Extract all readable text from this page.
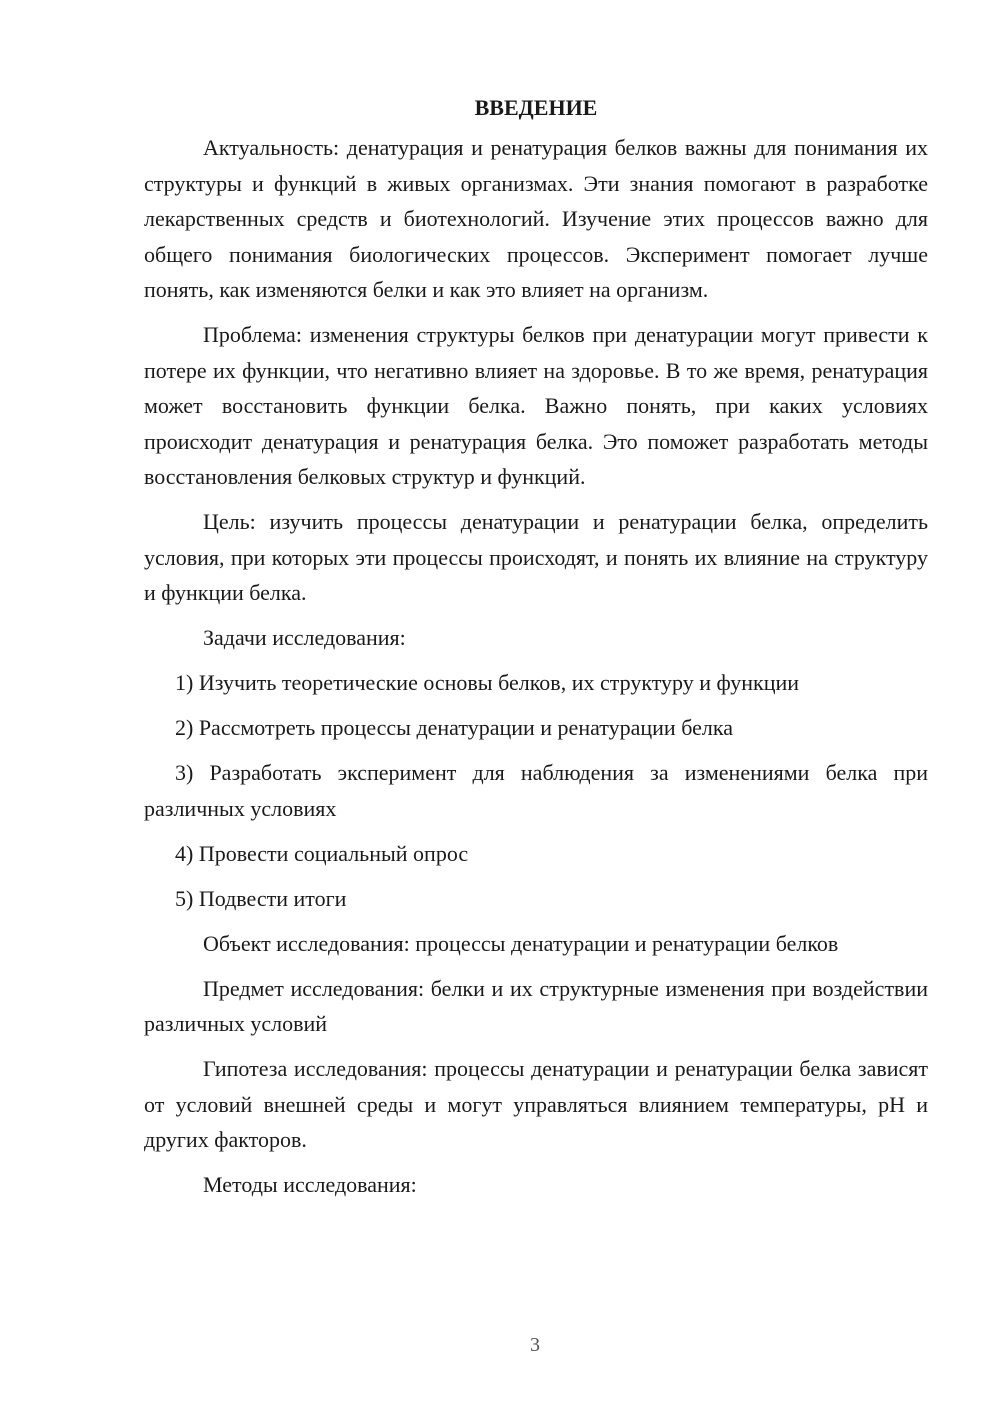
ВВЕДЕНИЕ

Актуальность: денатурация и ренатурация белков важны для понимания их структуры и функций в живых организмах. Эти знания помогают в разработке лекарственных средств и биотехнологий. Изучение этих процессов важно для общего понимания биологических процессов. Эксперимент помогает лучше понять, как изменяются белки и как это влияет на организм.

Проблема: изменения структуры белков при денатурации могут привести к потере их функции, что негативно влияет на здоровье. В то же время, ренатурация может восстановить функции белка. Важно понять, при каких условиях происходит денатурация и ренатурация белка. Это поможет разработать методы восстановления белковых структур и функций.

Цель: изучить процессы денатурации и ренатурации белка, определить условия, при которых эти процессы происходят, и понять их влияние на структуру и функции белка.

Задачи исследования:

1) Изучить теоретические основы белков, их структуру и функции

2) Рассмотреть процессы денатурации и ренатурации белка

3) Разработать эксперимент для наблюдения за изменениями белка при различных условиях

4) Провести социальный опрос

5) Подвести итоги

Объект исследования: процессы денатурации и ренатурации белков

Предмет исследования: белки и их структурные изменения при воздействии различных условий

Гипотеза исследования: процессы денатурации и ренатурации белка зависят от условий внешней среды и могут управляться влиянием температуры, pH и других факторов.

Методы исследования:

3
